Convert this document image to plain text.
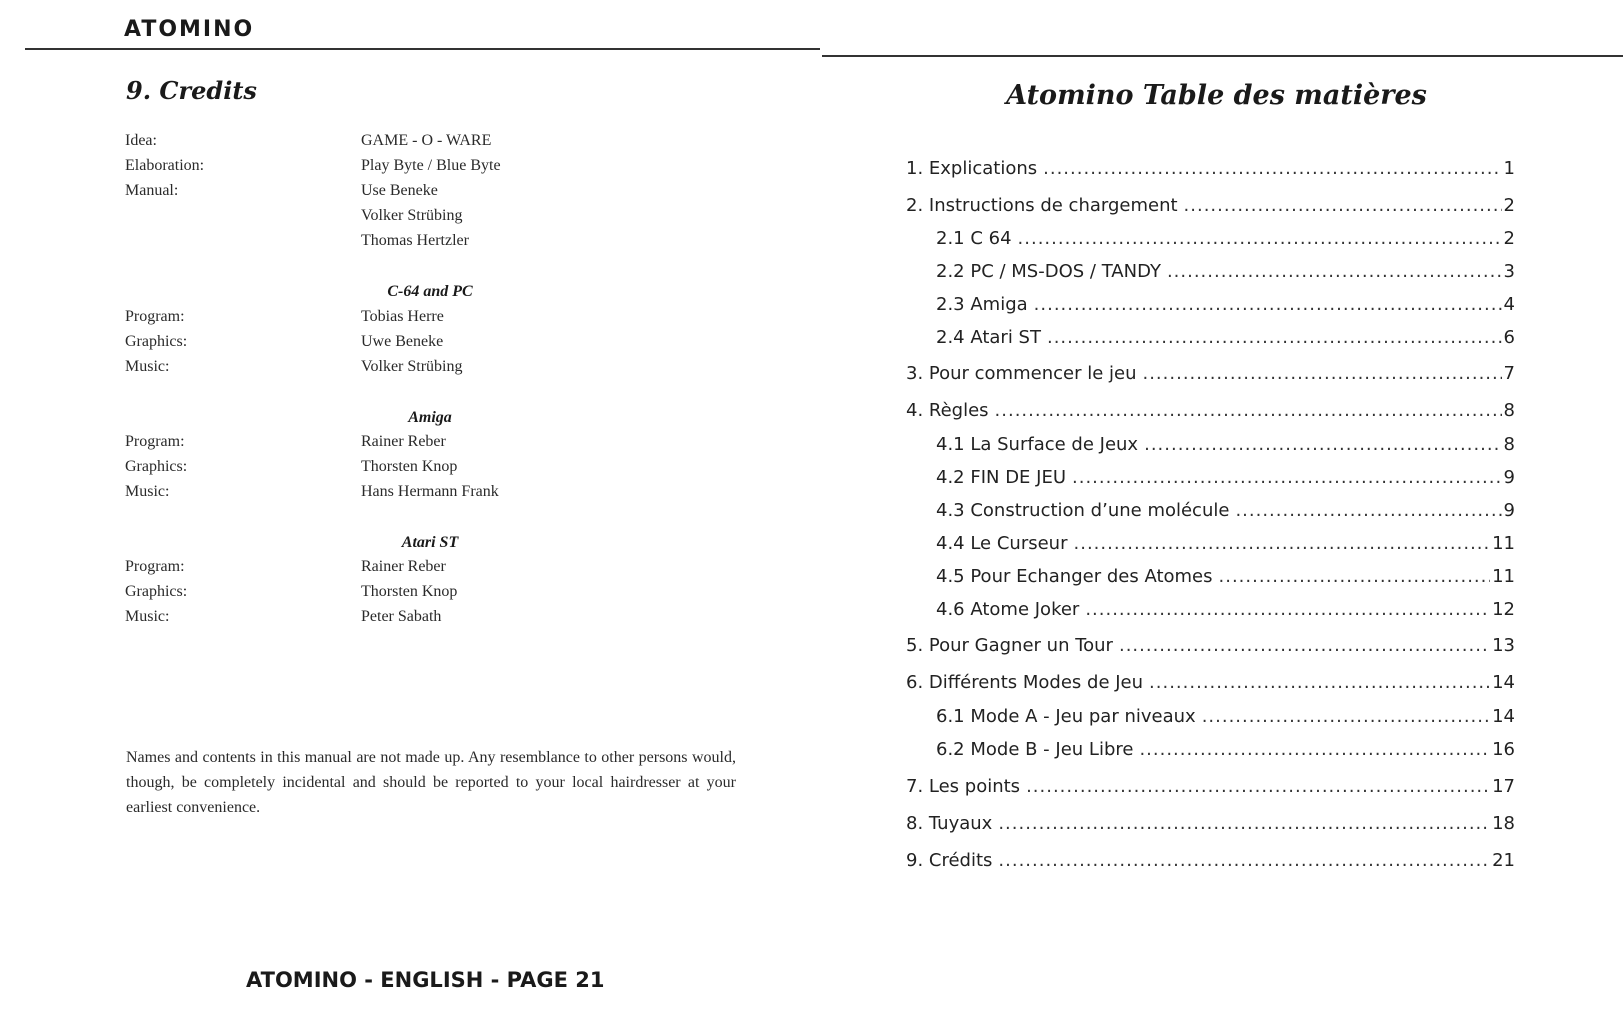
ATOMINO
9. Credits
Idea:	GAME - O - WARE
Elaboration:	Play Byte / Blue Byte
Manual:	Use Beneke
Volker Strübing
Thomas Hertzler
C-64 and PC
Program:	Tobias Herre
Graphics:	Uwe Beneke
Music:	Volker Strübing
Amiga
Program:	Rainer Reber
Graphics:	Thorsten Knop
Music:	Hans Hermann Frank
Atari ST
Program:	Rainer Reber
Graphics:	Thorsten Knop
Music:	Peter Sabath
Names and contents in this manual are not made up. Any resemblance to other persons would, though, be completely incidental and should be reported to your local hairdresser at your earliest convenience.
ATOMINO - ENGLISH - PAGE 21
Atomino Table des matières
1. Explications .....	1
2. Instructions de chargement .....	2
2.1 C 64 .....	2
2.2 PC / MS-DOS / TANDY .....	3
2.3 Amiga .....	4
2.4 Atari ST .....	6
3. Pour commencer le jeu .....	7
4. Règles .....	8
4.1 La Surface de Jeux .....	8
4.2 FIN DE JEU .....	9
4.3 Construction d’une molécule .....	9
4.4 Le Curseur .....	11
4.5 Pour Echanger des Atomes .....	11
4.6 Atome Joker .....	12
5. Pour Gagner un Tour .....	13
6. Différents Modes de Jeu .....	14
6.1 Mode A - Jeu par niveaux .....	14
6.2 Mode B - Jeu Libre .....	16
7. Les points .....	17
8. Tuyaux .....	18
9. Crédits .....	21
